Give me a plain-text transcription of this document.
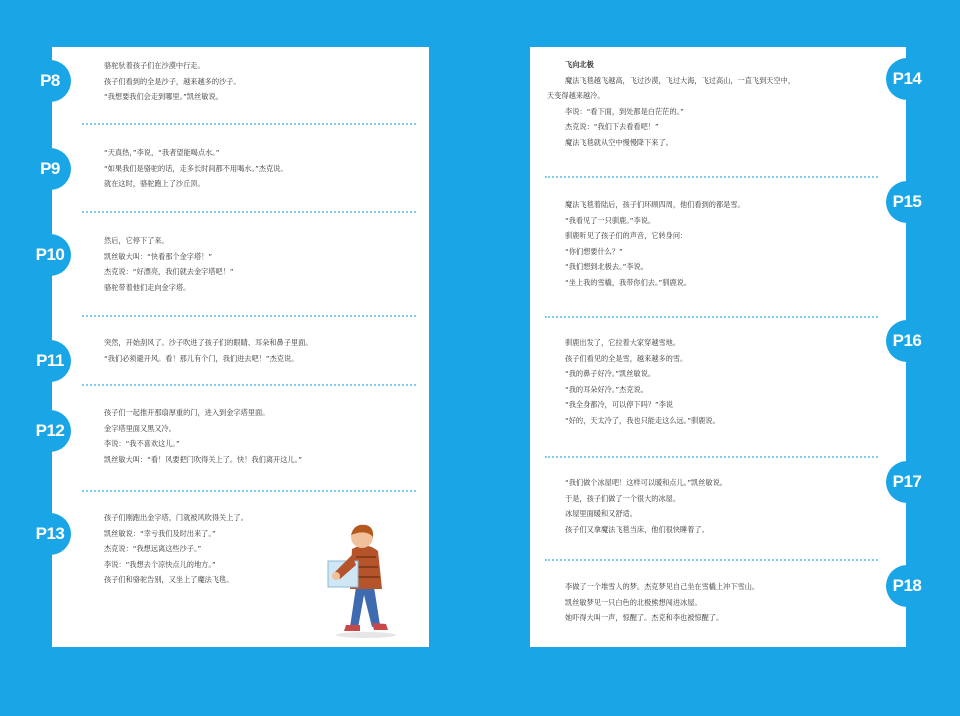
P8
P9
P10
P11
P12
P13
P14
P15
P16
P17
P18
骆驼驮着孩子们在沙漠中行走。
孩子们看到的全是沙子，越来越多的沙子。
“我想要我们会走到哪里。”凯丝敏说。
“天真热，”李说，“我者望能喝点水。”
“如果我们是骆驼的话，走多长时间都不用喝水。”杰克说。
就在这时，骆驼跑上了沙丘顶。
然后，它停下了来。
凯丝敏大叫：“快看那个金字塔！”
杰克说：“好漂亮，我们就去金字塔吧！”
骆驼带着他们走向金字塔。
突然，开始刮风了。沙子吹进了孩子们的眼睛、耳朵和鼻子里面。
“我们必须避开风。看！那儿有个门，我们进去吧！”杰克说。
孩子们一起推开那扇厚重的门，进入到金字塔里面。
金字塔里面又黑又冷。
李说：“我不喜欢这儿。”
凯丝敏大叫：“看！风要把门吹得关上了。快！我们离开这儿。”
孩子们刚跑出金字塔，门就被风吹得关上了。
凯丝敏说：“幸亏我们及时出来了。”
杰克说：“我想远离这些沙子。”
李说：“我想去个凉快点儿的地方。”
孩子们和骆驼告别，又坐上了魔法飞毯。
飞向北极
魔法飞毯越飞越高，飞过沙漠，飞过大海，飞过高山，一直飞到天空中，
天变得越来越冷。
李说：“看下面，到处都是白茫茫的。”
杰克说：“我们下去看看吧！”
魔法飞毯就从空中慢慢降下来了。
魔法飞毯着陆后，孩子们环顾四周，他们看到的都是雪。
“我看见了一只驯鹿。”李说。
驯鹿听见了孩子们的声音，它转身问：
“你们想要什么？”
“我们想到北极去。”李说。
“坐上我的雪橇，我带你们去。”驯鹿说。
驯鹿出发了，它拉着大家穿越雪地。
孩子们看见的全是雪，越来越多的雪。
“我的鼻子好冷。”凯丝敏说。
“我的耳朵好冷。”杰克说。
“我全身都冷，可以停下吗？”李说
“好的，天太冷了，我也只能走这么远。”驯鹿说。
“我们做个冰屋吧！这样可以暖和点儿。”凯丝敏说。
于是，孩子们做了一个很大的冰屋。
冰屋里面暖和又舒适。
孩子们又拿魔法飞毯当床，他们很快睡着了。
李做了一个堆雪人的梦。杰克梦见自己坐在雪橇上冲下雪山。
凯丝敏梦见一只白色的北极熊想闯进冰屋。
她吓得大叫一声，惊醒了。杰克和李也被惊醒了。
